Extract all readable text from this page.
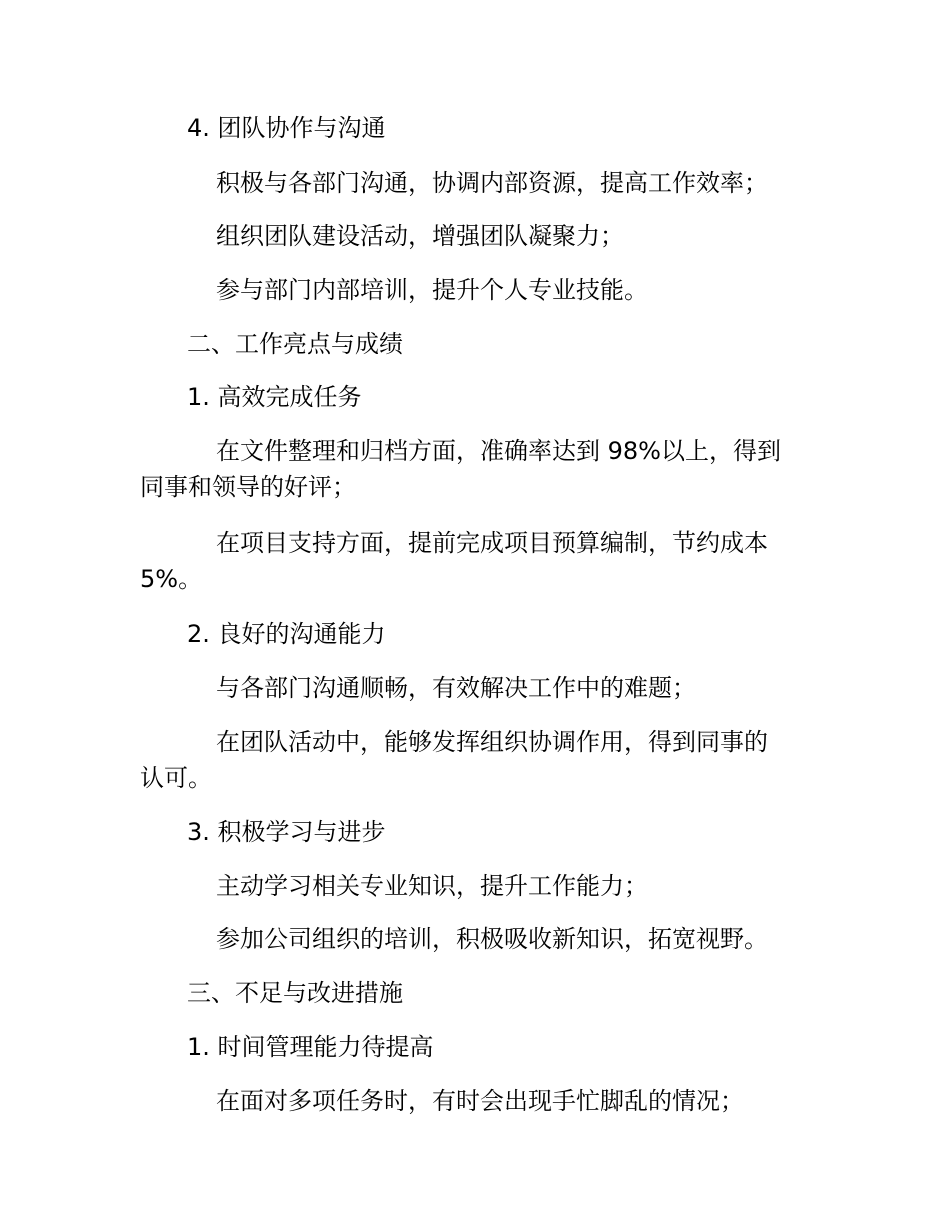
4. 团队协作与沟通
积极与各部门沟通，协调内部资源，提高工作效率；
组织团队建设活动，增强团队凝聚力；
参与部门内部培训，提升个人专业技能。
二、工作亮点与成绩
1. 高效完成任务
在文件整理和归档方面，准确率达到 98%以上，得到
同事和领导的好评；
在项目支持方面，提前完成项目预算编制，节约成本
5%。
2. 良好的沟通能力
与各部门沟通顺畅，有效解决工作中的难题；
在团队活动中，能够发挥组织协调作用，得到同事的
认可。
3. 积极学习与进步
主动学习相关专业知识，提升工作能力；
参加公司组织的培训，积极吸收新知识，拓宽视野。
三、不足与改进措施
1. 时间管理能力待提高
在面对多项任务时，有时会出现手忙脚乱的情况；
